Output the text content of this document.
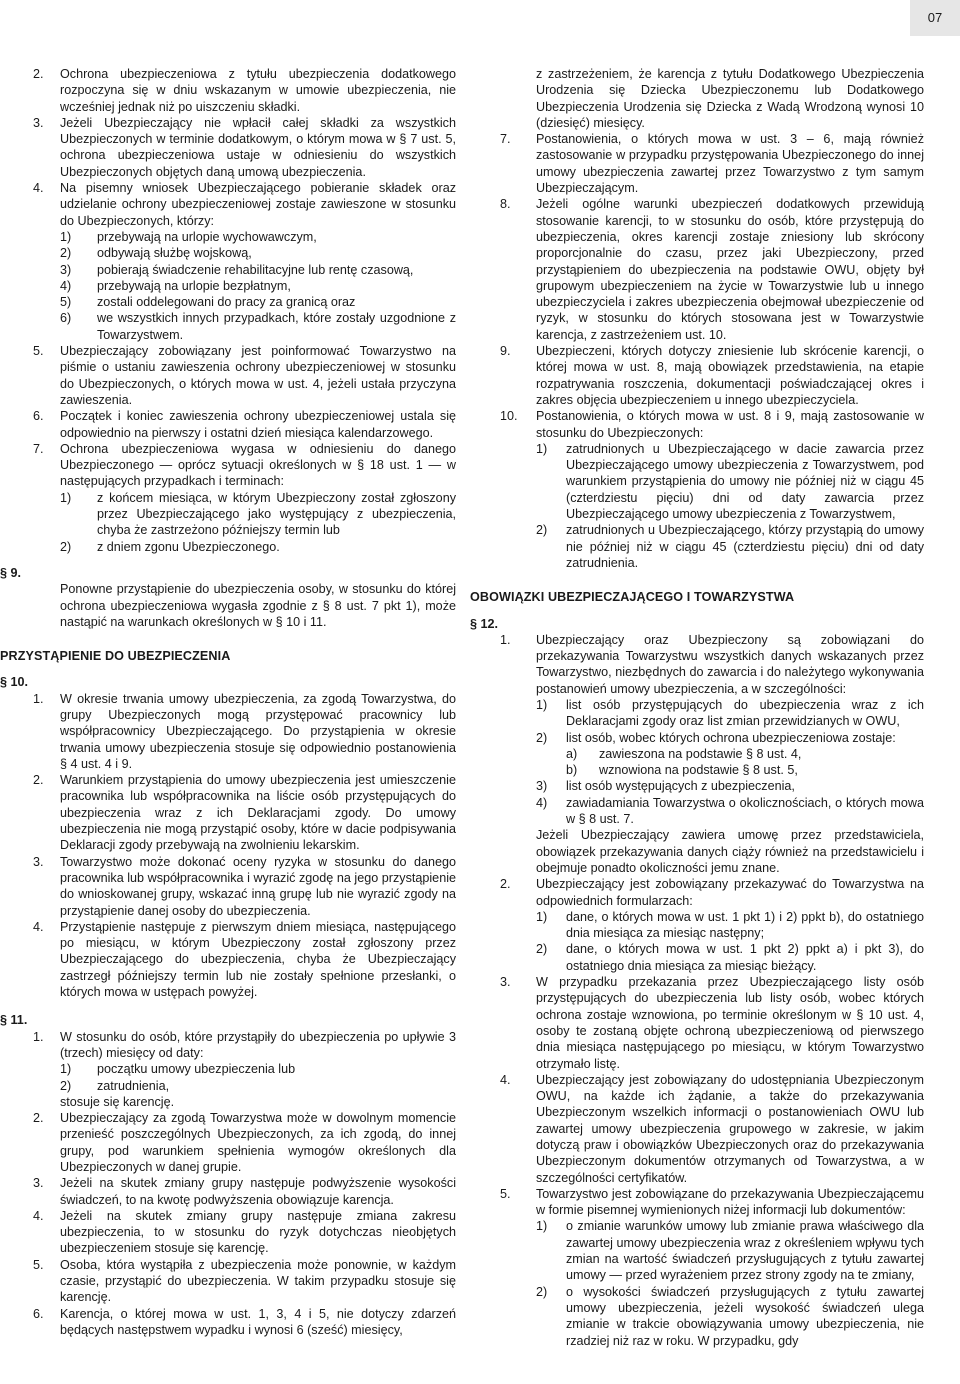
07
2.	Ochrona ubezpieczeniowa z tytułu ubezpieczenia dodatkowego rozpoczyna się w dniu wskazanym w umowie ubezpieczenia, nie wcześniej jednak niż po uiszczeniu składki.
3.	Jeżeli Ubezpieczający nie wpłacił całej składki za wszystkich Ubezpieczonych w terminie dodatkowym, o którym mowa w § 7 ust. 5, ochrona ubezpieczeniowa ustaje w odniesieniu do wszystkich Ubezpieczonych objętych daną umową ubezpieczenia.
4.	Na pisemny wniosek Ubezpieczającego pobieranie składek oraz udzielanie ochrony ubezpieczeniowej zostaje zawieszone w stosunku do Ubezpieczonych, którzy:
1)	przebywają na urlopie wychowawczym,
2)	odbywają służbę wojskową,
3)	pobierają świadczenie rehabilitacyjne lub rentę czasową,
4)	przebywają na urlopie bezpłatnym,
5)	zostali oddelegowani do pracy za granicą oraz
6)	we wszystkich innych przypadkach, które zostały uzgodnione z Towarzystwem.
5.	Ubezpieczający zobowiązany jest poinformować Towarzystwo na piśmie o ustaniu zawieszenia ochrony ubezpieczeniowej w stosunku do Ubezpieczonych, o których mowa w ust. 4, jeżeli ustała przyczyna zawieszenia.
6.	Początek i koniec zawieszenia ochrony ubezpieczeniowej ustala się odpowiednio na pierwszy i ostatni dzień miesiąca kalendarzowego.
7.	Ochrona ubezpieczeniowa wygasa w odniesieniu do danego Ubezpieczonego — oprócz sytuacji określonych w § 18 ust. 1 — w następujących przypadkach i terminach:
1)	z końcem miesiąca, w którym Ubezpieczony został zgłoszony przez Ubezpieczającego jako występujący z ubezpieczenia, chyba że zastrzeżono późniejszy termin lub
2)	z dniem zgonu Ubezpieczonego.
§ 9.

Ponowne przystąpienie do ubezpieczenia osoby, w stosunku do której ochrona ubezpieczeniowa wygasła zgodnie z § 8 ust. 7 pkt 1), może nastąpić na warunkach określonych w § 10 i 11.

PRZYSTĄPIENIE DO UBEZPIECZENIA
§ 10.
1.	W okresie trwania umowy ubezpieczenia, za zgodą Towarzystwa, do grupy Ubezpieczonych mogą przystępować pracownicy lub współpracownicy Ubezpieczającego. Do przystąpienia w okresie trwania umowy ubezpieczenia stosuje się odpowiednio postanowienia § 4 ust. 4 i 9.
2.	Warunkiem przystąpienia do umowy ubezpieczenia jest umieszczenie pracownika lub współpracownika na liście osób przystępujących do ubezpieczenia wraz z ich Deklaracjami zgody. Do umowy ubezpieczenia nie mogą przystąpić osoby, które w dacie podpisywania Deklaracji zgody przebywają na zwolnieniu lekarskim.
3.	Towarzystwo może dokonać oceny ryzyka w stosunku do danego pracownika lub współpracownika i wyrazić zgodę na jego przystąpienie do wnioskowanej grupy, wskazać inną grupę lub nie wyrazić zgody na przystąpienie danej osoby do ubezpieczenia.
4.	Przystąpienie następuje z pierwszym dniem miesiąca, następującego po miesiącu, w którym Ubezpieczony został zgłoszony przez Ubezpieczającego do ubezpieczenia, chyba że Ubezpieczający zastrzegł późniejszy termin lub nie zostały spełnione przesłanki, o których mowa w ustępach powyżej.
§ 11.
1.	W stosunku do osób, które przystąpiły do ubezpieczenia po upływie 3 (trzech) miesięcy od daty:
1)	początku umowy ubezpieczenia lub
2)	zatrudnienia,

stosuje się karencję.

2.	Ubezpieczający za zgodą Towarzystwa może w dowolnym momencie przenieść poszczególnych Ubezpieczonych, za ich zgodą, do innej grupy, pod warunkiem spełnienia wymogów określonych dla Ubezpieczonych w danej grupie.
3.	Jeżeli na skutek zmiany grupy następuje podwyższenie wysokości świadczeń, to na kwotę podwyższenia obowiązuje karencja.
4.	Jeżeli na skutek zmiany grupy następuje zmiana zakresu ubezpieczenia, to w stosunku do ryzyk dotychczas nieobjętych ubezpieczeniem stosuje się karencję.
5.	Osoba, która wystąpiła z ubezpieczenia może ponownie, w każdym czasie, przystąpić do ubezpieczenia. W takim przypadku stosuje się karencję.
6.	Karencja, o której mowa w ust. 1, 3, 4 i 5, nie dotyczy zdarzeń będących następstwem wypadku i wynosi 6 (sześć) miesięcy,

z zastrzeżeniem, że karencja z tytułu Dodatkowego Ubezpieczenia Urodzenia się Dziecka Ubezpieczonemu lub Dodatkowego Ubezpieczenia Urodzenia się Dziecka z Wadą Wrodzoną wynosi 10 (dziesięć) miesięcy.

7.	Postanowienia, o których mowa w ust. 3 – 6, mają również zastosowanie w przypadku przystępowania Ubezpieczonego do innej umowy ubezpieczenia zawartej przez Towarzystwo z tym samym Ubezpieczającym.
8.	Jeżeli ogólne warunki ubezpieczeń dodatkowych przewidują stosowanie karencji, to w stosunku do osób, które przystępują do ubezpieczenia, okres karencji zostaje zniesiony lub skrócony proporcjonalnie do czasu, przez jaki Ubezpieczony, przed przystąpieniem do ubezpieczenia na podstawie OWU, objęty był grupowym ubezpieczeniem na życie w Towarzystwie lub u innego ubezpieczyciela i zakres ubezpieczenia obejmował ubezpieczenie od ryzyk, w stosunku do których stosowana jest w Towarzystwie karencja, z zastrzeżeniem ust. 10.
9.	Ubezpieczeni, których dotyczy zniesienie lub skrócenie karencji, o której mowa w ust. 8, mają obowiązek przedstawienia, na etapie rozpatrywania roszczenia, dokumentacji poświadczającej okres i zakres objęcia ubezpieczeniem u innego ubezpieczyciela.
10.	Postanowienia, o których mowa w ust. 8 i 9, mają zastosowanie w stosunku do Ubezpieczonych:
1)	zatrudnionych u Ubezpieczającego w dacie zawarcia przez Ubezpieczającego umowy ubezpieczenia z Towarzystwem, pod warunkiem przystąpienia do umowy nie później niż w ciągu 45 (czterdziestu pięciu) dni od daty zawarcia przez Ubezpieczającego umowy ubezpieczenia z Towarzystwem,
2)	zatrudnionych u Ubezpieczającego, którzy przystąpią do umowy nie później niż w ciągu 45 (czterdziestu pięciu) dni od daty zatrudnienia.
OBOWIĄZKI UBEZPIECZAJĄCEGO I TOWARZYSTWA
§ 12.
1.	Ubezpieczający oraz Ubezpieczony są zobowiązani do przekazywania Towarzystwu wszystkich danych wskazanych przez Towarzystwo, niezbędnych do zawarcia i do należytego wykonywania postanowień umowy ubezpieczenia, a w szczególności:
1)	list osób przystępujących do ubezpieczenia wraz z ich Deklaracjami zgody oraz list zmian przewidzianych w OWU,
2)	list osób, wobec których ochrona ubezpieczeniowa zostaje:
a)	zawieszona na podstawie § 8 ust. 4,
b)	wznowiona na podstawie § 8 ust. 5,
3)	list osób występujących z ubezpieczenia,
4)	zawiadamiania Towarzystwa o okolicznościach, o których mowa w § 8 ust. 7.

Jeżeli Ubezpieczający zawiera umowę przez przedstawiciela, obowiązek przekazywania danych ciąży również na przedstawicielu i obejmuje ponadto okoliczności jemu znane.

2.	Ubezpieczający jest zobowiązany przekazywać do Towarzystwa na odpowiednich formularzach:
1)	dane, o których mowa w ust. 1 pkt 1) i 2) ppkt b), do ostatniego dnia miesiąca za miesiąc następny;
2)	dane, o których mowa w ust. 1 pkt 2) ppkt a) i pkt 3), do ostatniego dnia miesiąca za miesiąc bieżący.
3.	W przypadku przekazania przez Ubezpieczającego listy osób przystępujących do ubezpieczenia lub listy osób, wobec których ochrona zostaje wznowiona, po terminie określonym w § 10 ust. 4, osoby te zostaną objęte ochroną ubezpieczeniową od pierwszego dnia miesiąca następującego po miesiącu, w którym Towarzystwo otrzymało listę.
4.	Ubezpieczający jest zobowiązany do udostępniania Ubezpieczonym OWU, na każde ich żądanie, a także do przekazywania Ubezpieczonym wszelkich informacji o postanowieniach OWU lub zawartej umowy ubezpieczenia grupowego w zakresie, w jakim dotyczą praw i obowiązków Ubezpieczonych oraz do przekazywania Ubezpieczonym dokumentów otrzymanych od Towarzystwa, a w szczególności certyfikatów.
5.	Towarzystwo jest zobowiązane do przekazywania Ubezpieczającemu w formie pisemnej wymienionych niżej informacji lub dokumentów:
1)	o zmianie warunków umowy lub zmianie prawa właściwego dla zawartej umowy ubezpieczenia wraz z określeniem wpływu tych zmian na wartość świadczeń przysługujących z tytułu zawartej umowy — przed wyrażeniem przez strony zgody na te zmiany,
2)	o wysokości świadczeń przysługujących z tytułu zawartej umowy ubezpieczenia, jeżeli wysokość świadczeń ulega zmianie w trakcie obowiązywania umowy ubezpieczenia, nie rzadziej niż raz w roku. W przypadku, gdy
